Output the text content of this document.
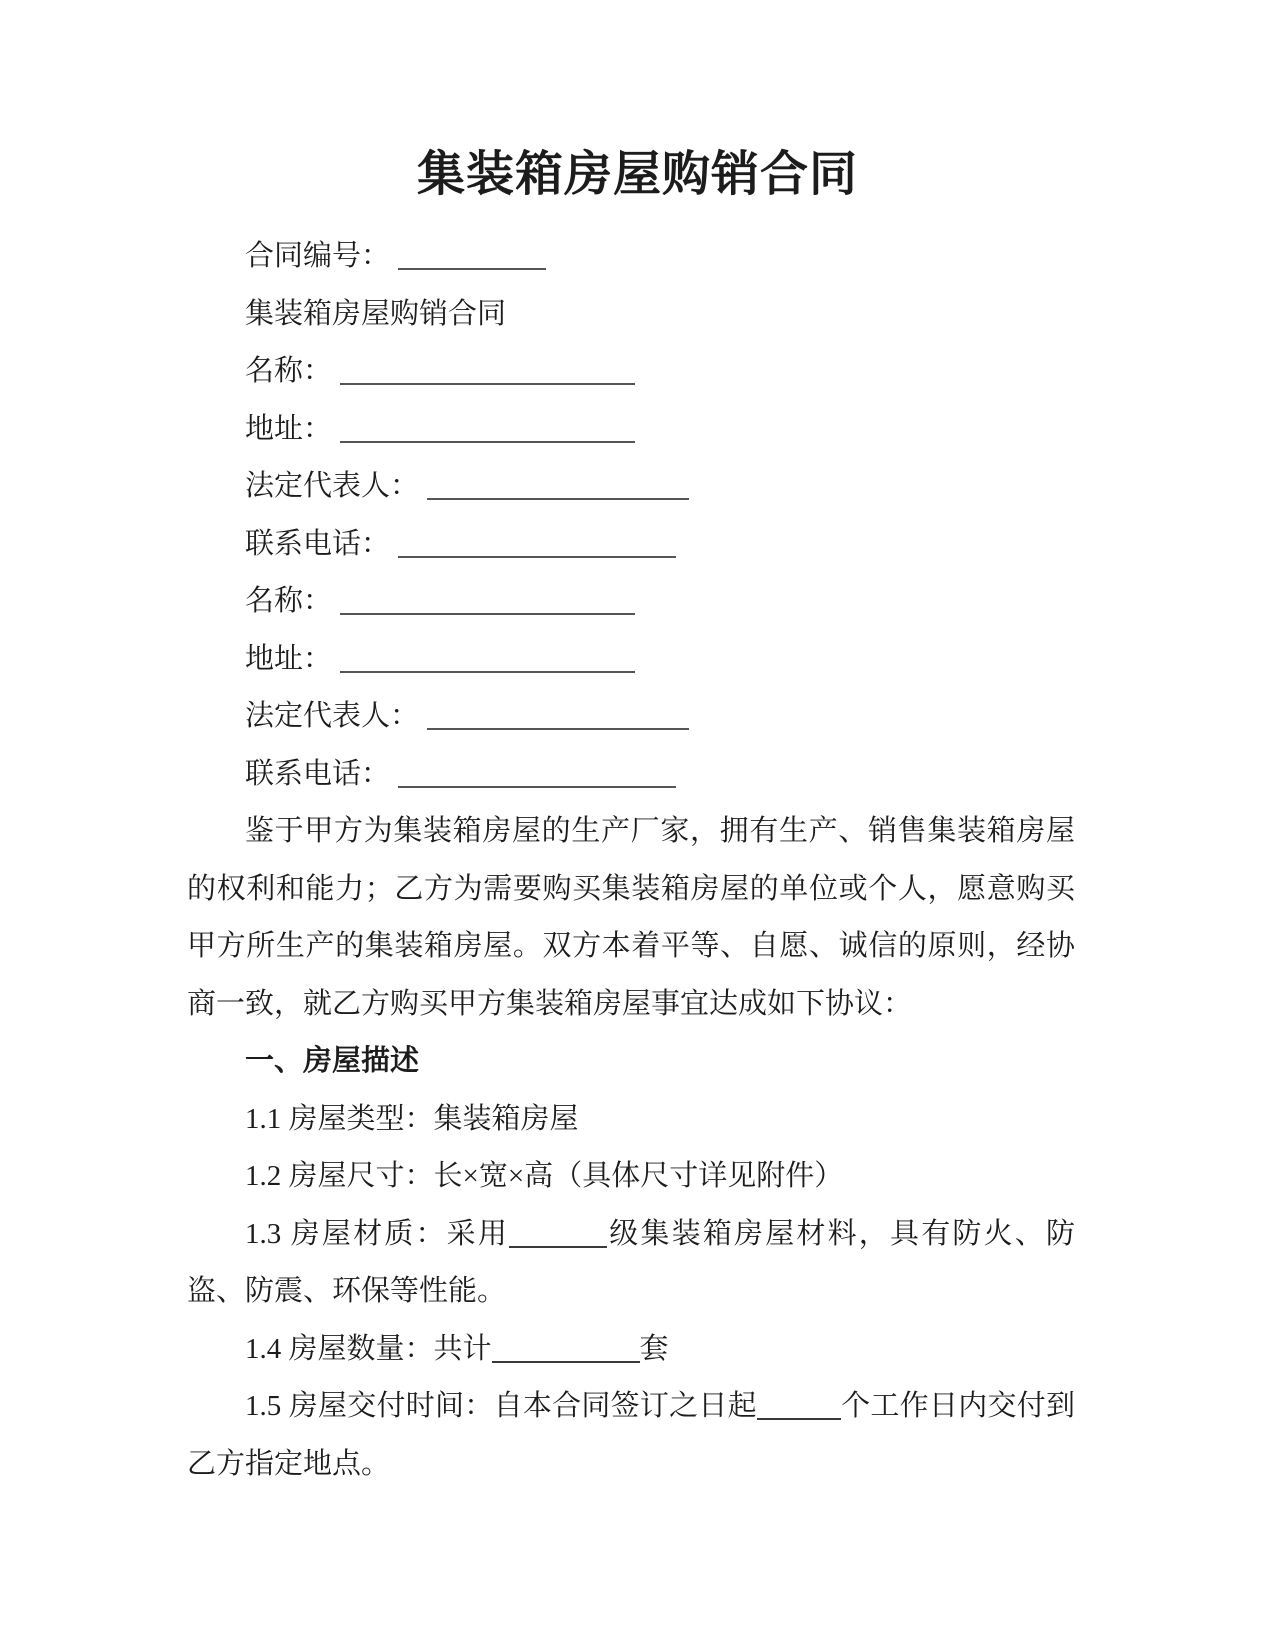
集装箱房屋购销合同

合同编号：

集装箱房屋购销合同

名称：

地址：

法定代表人：

联系电话：

名称：

地址：

法定代表人：

联系电话：

鉴于甲方为集装箱房屋的生产厂家，拥有生产、销售集装箱房屋的权利和能力；乙方为需要购买集装箱房屋的单位或个人，愿意购买甲方所生产的集装箱房屋。双方本着平等、自愿、诚信的原则，经协商一致，就乙方购买甲方集装箱房屋事宜达成如下协议：

一、房屋描述

1.1 房屋类型：集装箱房屋

1.2 房屋尺寸：长×宽×高（具体尺寸详见附件）

1.3 房屋材质：采用	级集装箱房屋材料，具有防火、防盗、防震、环保等性能。

1.4 房屋数量：共计	套

1.5 房屋交付时间：自本合同签订之日起	个工作日内交付到乙方指定地点。
